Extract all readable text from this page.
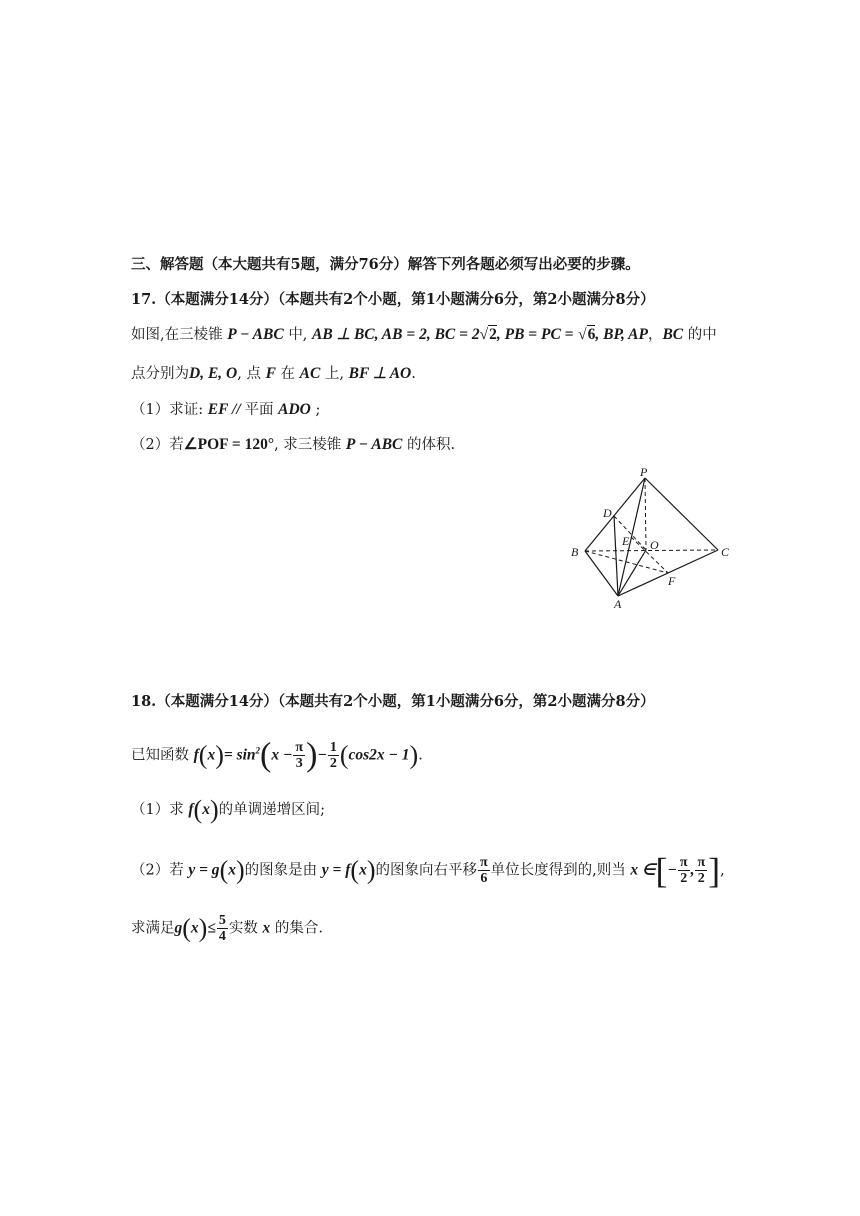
三、解答题（本大题共有5题，满分76分）解答下列各题必须写出必要的步骤。
17.（本题满分14分）（本题共有2个小题，第1小题满分6分，第2小题满分8分）
如图,在三棱锥 P − ABC 中, AB ⊥ BC, AB = 2, BC = 2√2, PB = PC = √6, BP, AP，BC 的中
点分别为D, E, O, 点 F 在 AC 上, BF ⊥ AO.
（1）求证: EF // 平面 ADO ;
（2）若∠POF = 120°, 求三棱锥 P − ABC 的体积.
P
D
E O
B	C
F
A
18.（本题满分14分）（本题共有2个小题，第1小题满分6分，第2小题满分8分）
已知函数 $f(x)= \sin^2(x - \frac{\pi}{3}$ )− $\frac{1}{2} (\cos 2x - 1)$.
（1）求 f(x)的单调递增区间;
（2）若 y = g(x)的图象是由 y = f(x)的图象向右平移 $\frac{\pi}{6}$ 单位长度得到的,则当 x ∈[− $\frac{\pi}{2}$ , $\frac{\pi}{2}$ ],
求满足$g(x)\le \frac{5}{4}$ 实数 x 的集合.
